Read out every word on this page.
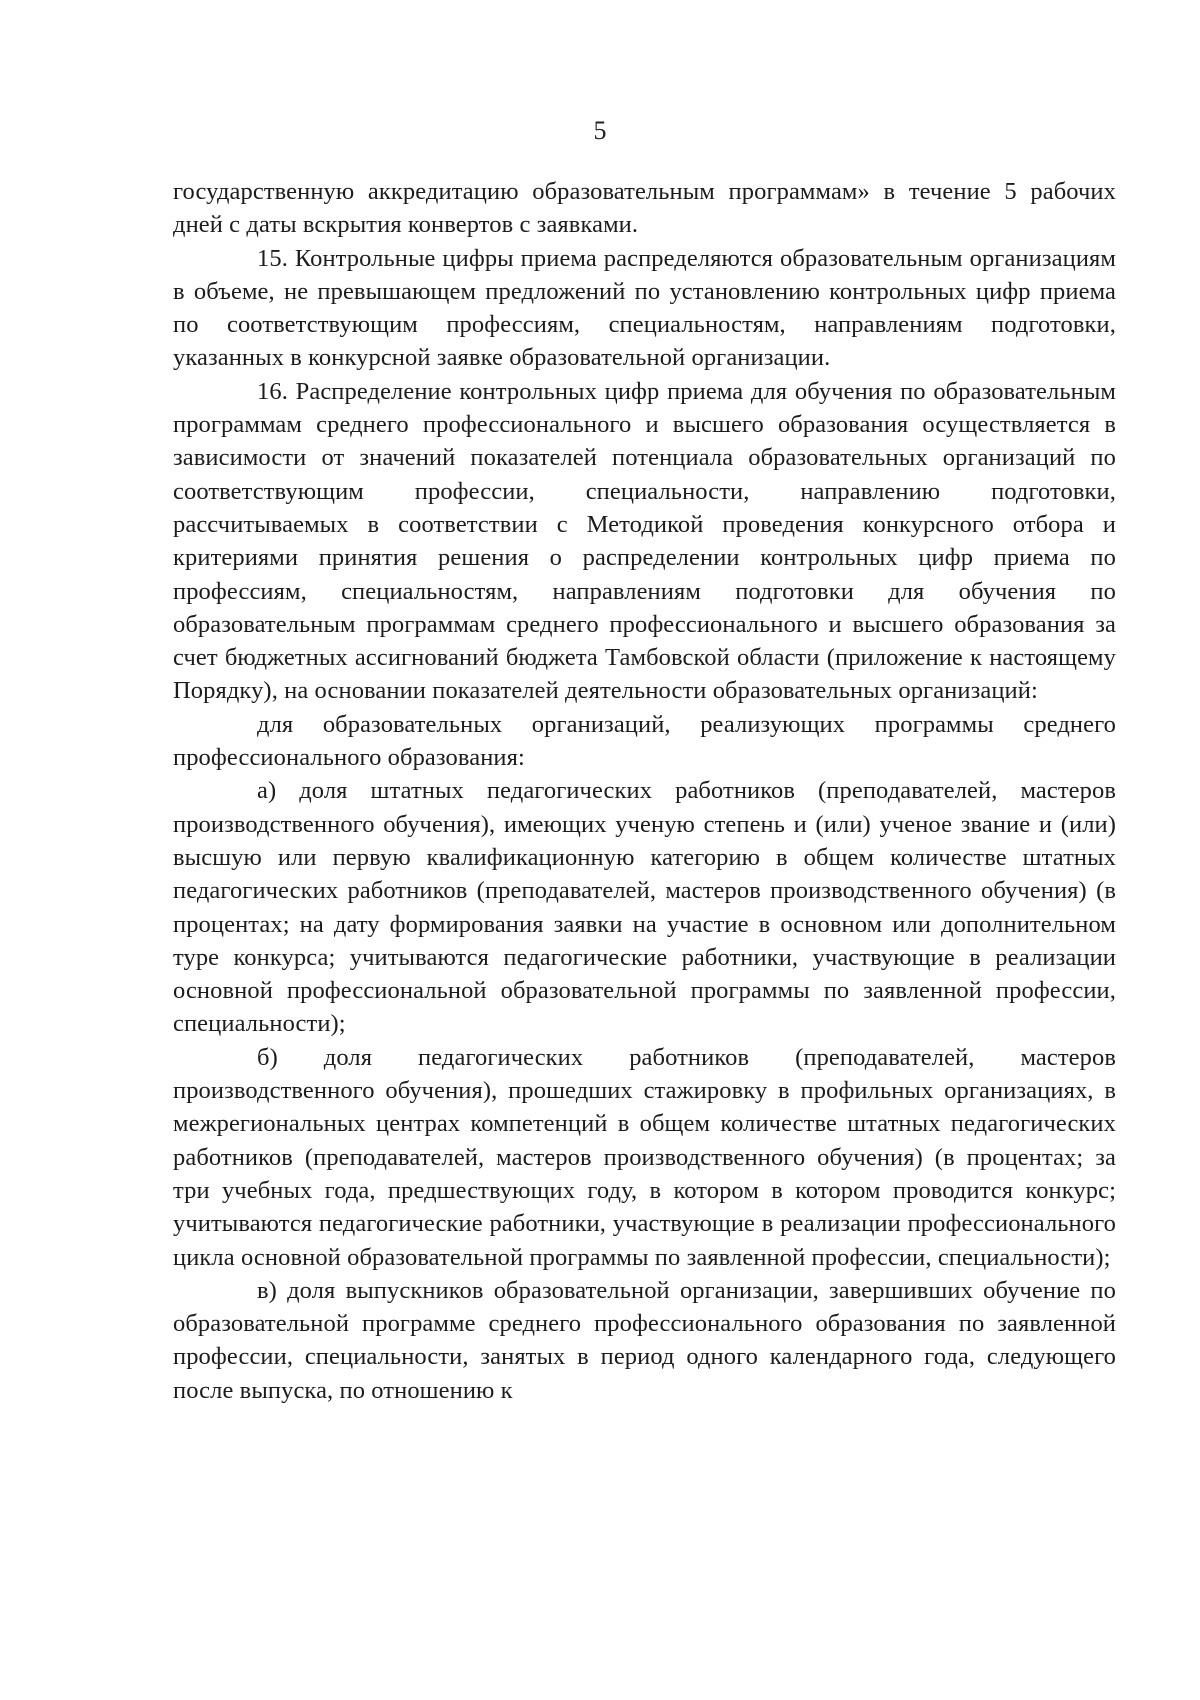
5

государственную аккредитацию образовательным программам» в течение 5 рабочих дней с даты вскрытия конвертов с заявками.

15. Контрольные цифры приема распределяются образовательным организациям в объеме, не превышающем предложений по установлению контрольных цифр приема по соответствующим профессиям, специальностям, направлениям подготовки, указанных в конкурсной заявке образовательной организации.

16. Распределение контрольных цифр приема для обучения по образовательным программам среднего профессионального и высшего образования осуществляется в зависимости от значений показателей потенциала образовательных организаций по соответствующим профессии, специальности, направлению подготовки, рассчитываемых в соответствии с Методикой проведения конкурсного отбора и критериями принятия решения о распределении контрольных цифр приема по профессиям, специальностям, направлениям подготовки для обучения по образовательным программам среднего профессионального и высшего образования за счет бюджетных ассигнований бюджета Тамбовской области (приложение к настоящему Порядку), на основании показателей деятельности образовательных организаций:

для образовательных организаций, реализующих программы среднего профессионального образования:

а) доля штатных педагогических работников (преподавателей, мастеров производственного обучения), имеющих ученую степень и (или) ученое звание и (или) высшую или первую квалификационную категорию в общем количестве штатных педагогических работников (преподавателей, мастеров производственного обучения) (в процентах; на дату формирования заявки на участие в основном или дополнительном туре конкурса; учитываются педагогические работники, участвующие в реализации основной профессиональной образовательной программы по заявленной профессии, специальности);

б) доля педагогических работников (преподавателей, мастеров производственного обучения), прошедших стажировку в профильных организациях, в межрегиональных центрах компетенций в общем количестве штатных педагогических работников (преподавателей, мастеров производственного обучения) (в процентах; за три учебных года, предшествующих году, в котором в котором проводится конкурс; учитываются педагогические работники, участвующие в реализации профессионального цикла основной образовательной программы по заявленной профессии, специальности);

в) доля выпускников образовательной организации, завершивших обучение по образовательной программе среднего профессионального образования по заявленной профессии, специальности, занятых в период одного календарного года, следующего после выпуска, по отношению к
